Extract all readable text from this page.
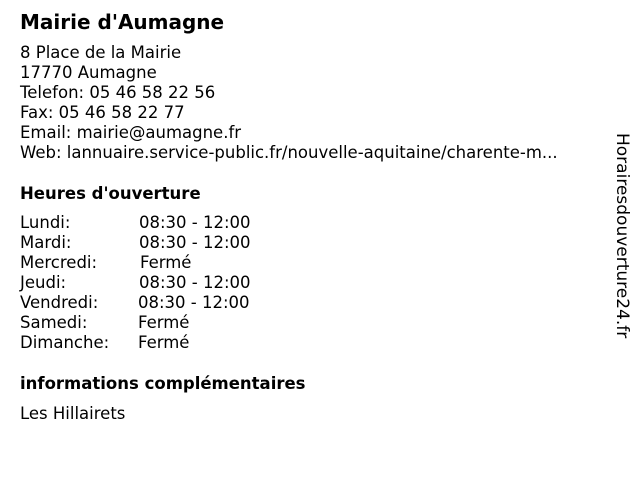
Mairie d'Aumagne
8 Place de la Mairie
17770 Aumagne
Telefon: 05 46 58 22 56
Fax: 05 46 58 22 77
Email: mairie@aumagne.fr
Web: lannuaire.service-public.fr/nouvelle-aquitaine/charente-m...
Heures d'ouverture
Lundi:	08:30 - 12:00
Mardi:	08:30 - 12:00
Mercredi:	Fermé
Jeudi:	08:30 - 12:00
Vendredi: 08:30 - 12:00
Samedi:	Fermé
Dimanche: Fermé
informations complémentaires
Les Hillairets
Horairesdouverture24.fr
